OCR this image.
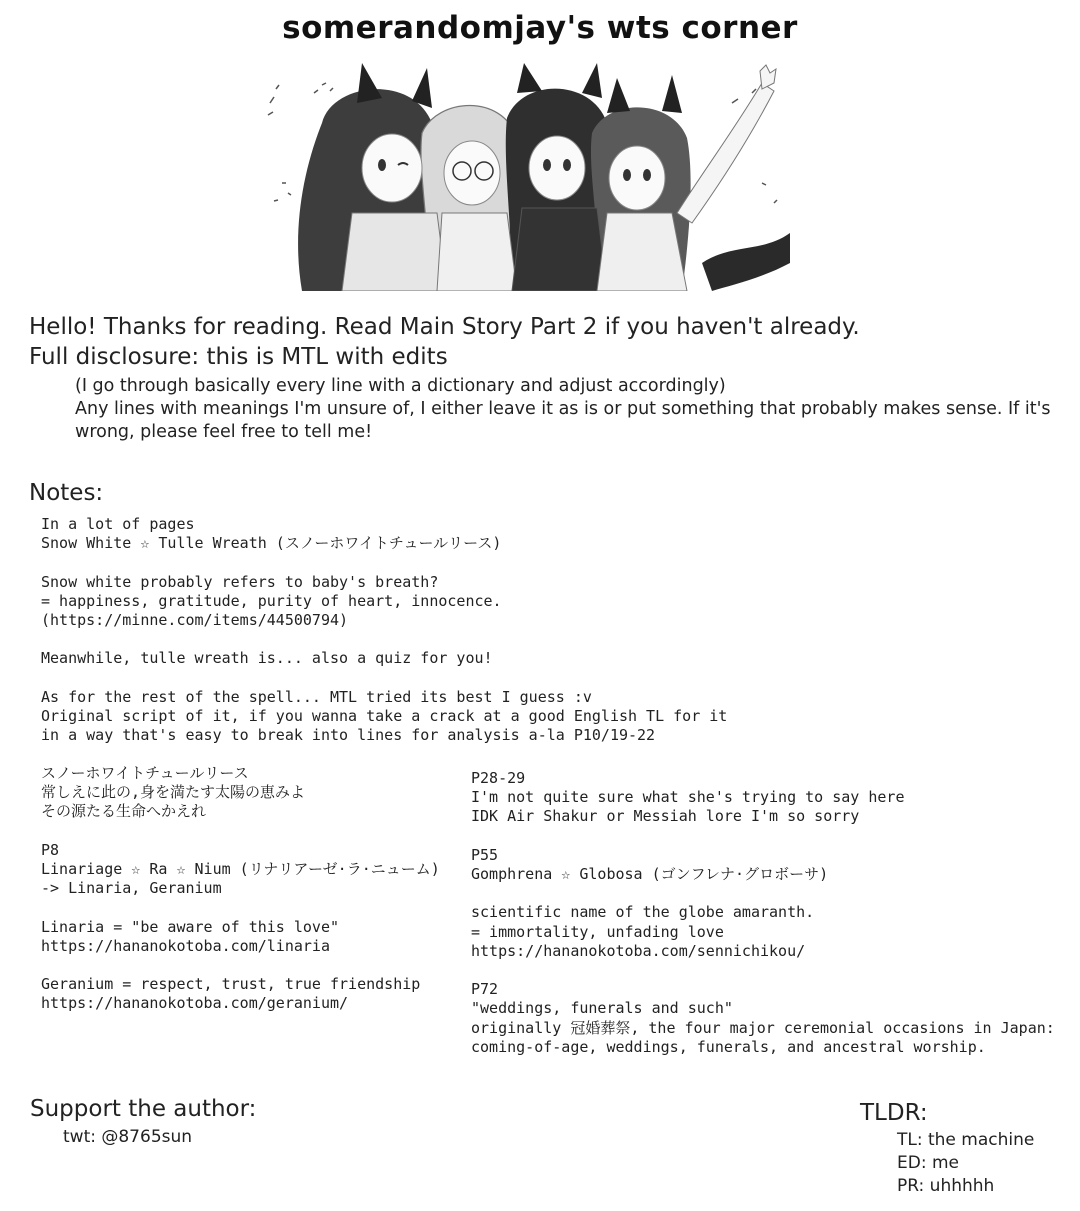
somerandomjay's wts corner
Hello! Thanks for reading. Read Main Story Part 2 if you haven't already.
Full disclosure: this is MTL with edits
(I go through basically every line with a dictionary and adjust accordingly)
Any lines with meanings I'm unsure of, I either leave it as is or put something that probably makes sense. If it's wrong, please feel free to tell me!
Notes:
In a lot of pages
Snow White ☆ Tulle Wreath (スノーホワイトチュールリース)

Snow white probably refers to baby's breath?
= happiness, gratitude, purity of heart, innocence.
(https://minne.com/items/44500794)

Meanwhile, tulle wreath is... also a quiz for you!

As for the rest of the spell... MTL tried its best I guess :v
Original script of it, if you wanna take a crack at a good English TL for it
in a way that's easy to break into lines for analysis a-la P10/19-22
スノーホワイトチュールリース
常しえに此の,身を満たす太陽の恵みよ
その源たる生命へかえれ

P8
Linariage ☆ Ra ☆ Nium (リナリアーゼ·ラ·ニューム)
-> Linaria, Geranium

Linaria = "be aware of this love"
https://hananokotoba.com/linaria

Geranium = respect, trust, true friendship
https://hananokotoba.com/geranium/
P28-29
I'm not quite sure what she's trying to say here
IDK Air Shakur or Messiah lore I'm so sorry

P55
Gomphrena ☆ Globosa (ゴンフレナ·グロボーサ)

scientific name of the globe amaranth.
= immortality, unfading love
https://hananokotoba.com/sennichikou/

P72
"weddings, funerals and such"
originally 冠婚葬祭, the four major ceremonial occasions in Japan:
coming-of-age, weddings, funerals, and ancestral worship.
Support the author:
twt: @8765sun
TLDR:
TL: the machine
ED: me
PR: uhhhhh
